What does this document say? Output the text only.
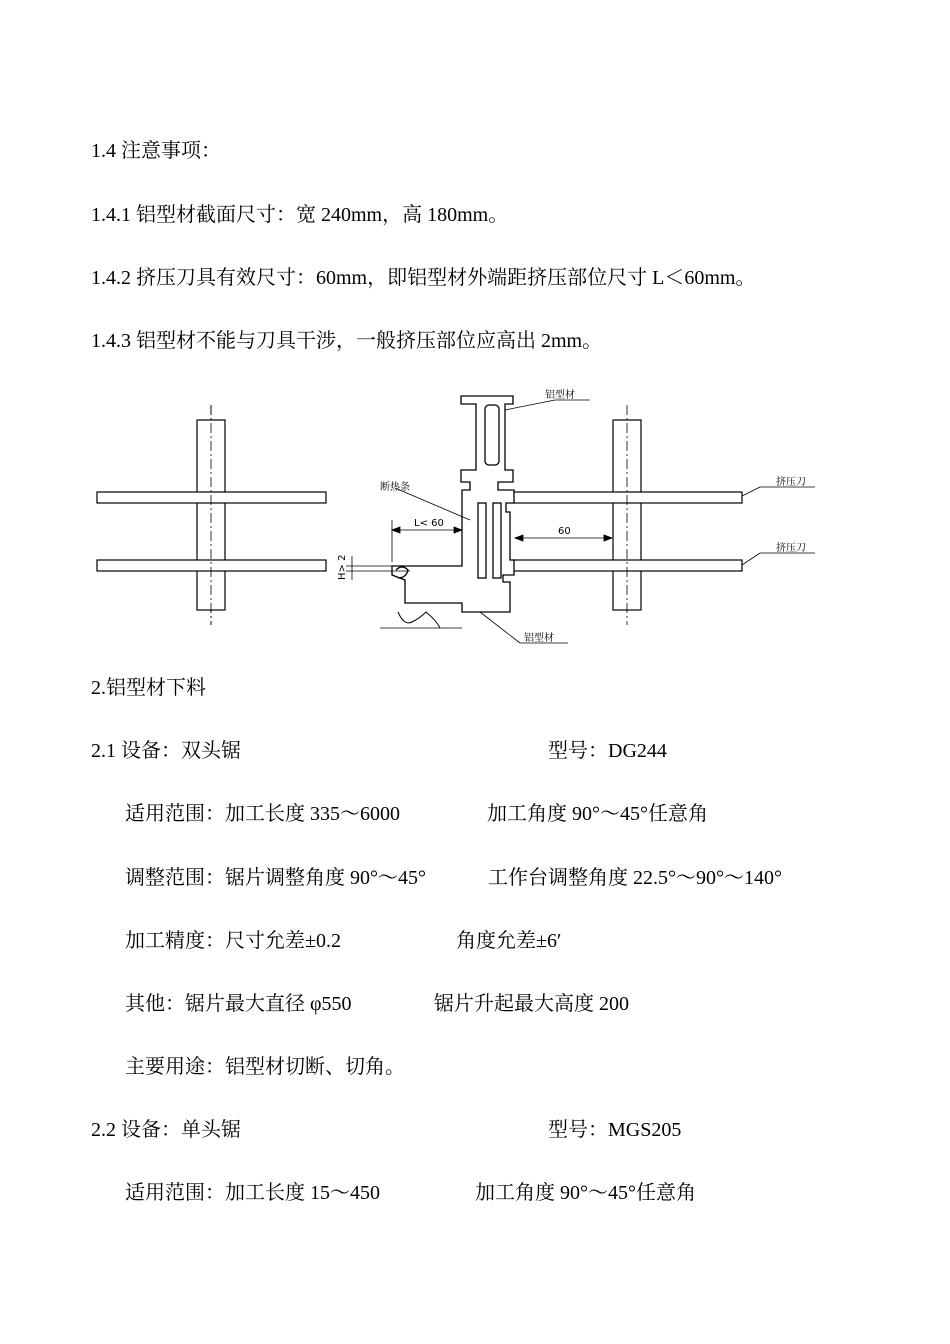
1.4 注意事项：
1.4.1 铝型材截面尺寸：宽 240mm，高 180mm。
1.4.2 挤压刀具有效尺寸：60mm，即铝型材外端距挤压部位尺寸 L＜60mm。
1.4.3 铝型材不能与刀具干涉，一般挤压部位应高出 2mm。
铝型材
断热条	挤压刀
挤压刀
铝型材
L< 60
60
H> 2
2.铝型材下料
2.1 设备：双头锯	型号：DG244
适用范围：加工长度 335～6000	加工角度 90°～45°任意角
调整范围：锯片调整角度 90°～45°	工作台调整角度 22.5°～90°～140°
加工精度：尺寸允差±0.2	角度允差±6′
其他：锯片最大直径 φ550	锯片升起最大高度 200
主要用途：铝型材切断、切角。
2.2 设备：单头锯	型号：MGS205
适用范围：加工长度 15～450	加工角度 90°～45°任意角
